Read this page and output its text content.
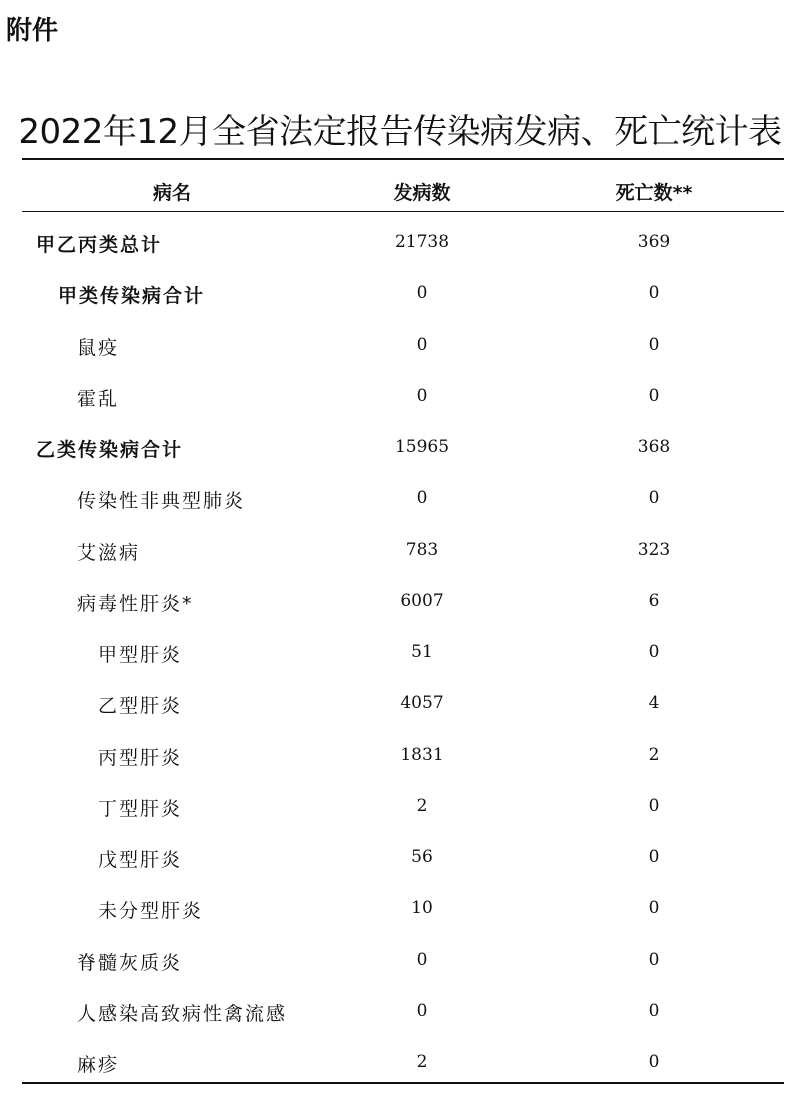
附件
2022年12月全省法定报告传染病发病、死亡统计表
病名	发病数	死亡数**
甲乙丙类总计	21738	369
甲类传染病合计	0	0
鼠疫	0	0
霍乱	0	0
乙类传染病合计	15965	368
传染性非典型肺炎	0	0
艾滋病	783	323
病毒性肝炎*	6007	6
甲型肝炎	51	0
乙型肝炎	4057	4
丙型肝炎	1831	2
丁型肝炎	2	0
戊型肝炎	56	0
未分型肝炎	10	0
脊髓灰质炎	0	0
人感染高致病性禽流感	0	0
麻疹	2	0
